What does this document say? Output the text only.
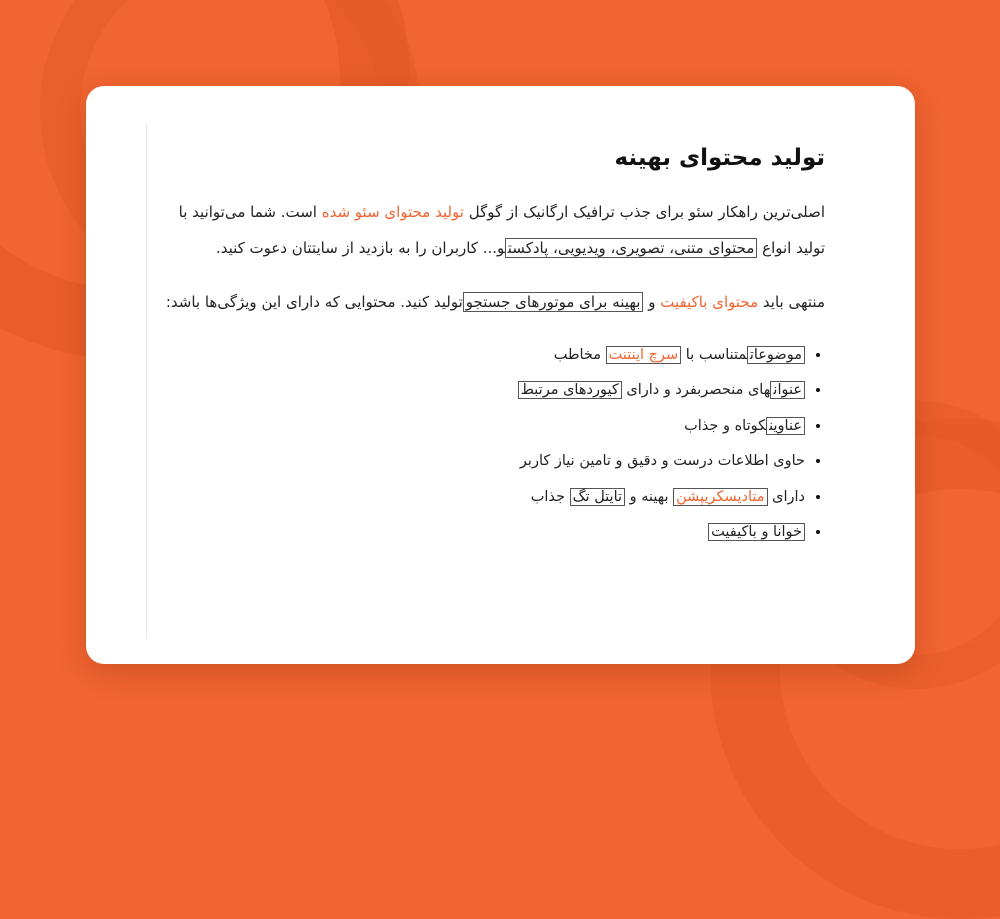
تولید محتوای بهینه

اصلی‌ترین راهکار سئو برای جذب ترافیک ارگانیک از گوگل تولید محتوای سئو شده است. شما می‌توانید با تولید انواع محتوای متنی، تصویری، ویدیویی، پادکستو... کاربران را به بازدید از سایتتان دعوت کنید.

منتهی باید محتوای باکیفیت و بهینه برای موتورهای جستجوتولید کنید. محتوایی که دارای این ویژگی‌ها باشد:

• موضوعاتمتناسب با سرچ اینتنت مخاطب
• عنوانهای منحصربفرد و دارای کیوردهای مرتبط
• عناوینکوتاه و جذاب
• حاوی اطلاعات درست و دقیق و تامین نیاز کاربر
• دارای متادیسکریپشن بهینه و تایتل تگ جذاب
• خوانا و باکیفیت
